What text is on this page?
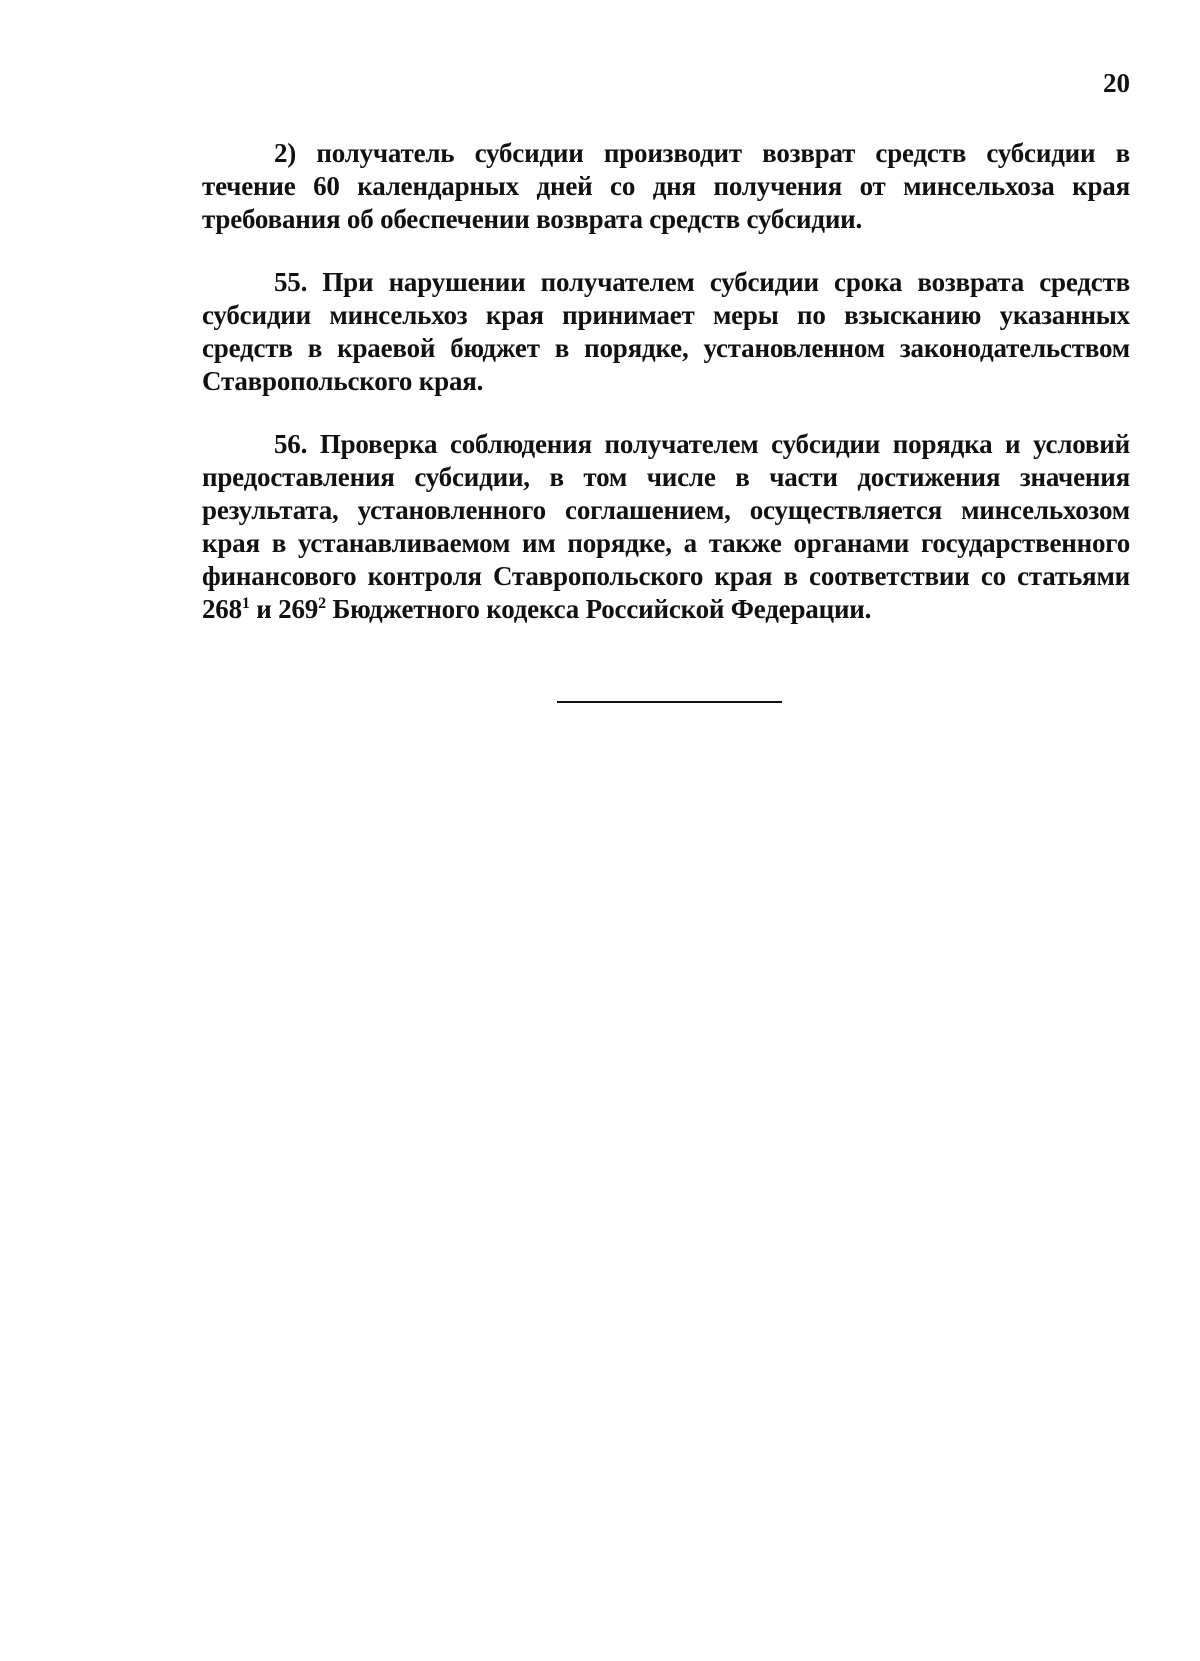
20

2) получатель субсидии производит возврат средств субсидии в течение 60 календарных дней со дня получения от минсельхоза края требования об обеспечении возврата средств субсидии.

55. При нарушении получателем субсидии срока возврата средств субсидии минсельхоз края принимает меры по взысканию указанных средств в краевой бюджет в порядке, установленном законодательством Ставропольского края.

56. Проверка соблюдения получателем субсидии порядка и условий предоставления субсидии, в том числе в части достижения значения результата, установленного соглашением, осуществляется минсельхозом края в устанавливаемом им порядке, а также органами государственного финансового контроля Ставропольского края в соответствии со статьями $268^1$ и $269^2$ Бюджетного кодекса Российской Федерации.
